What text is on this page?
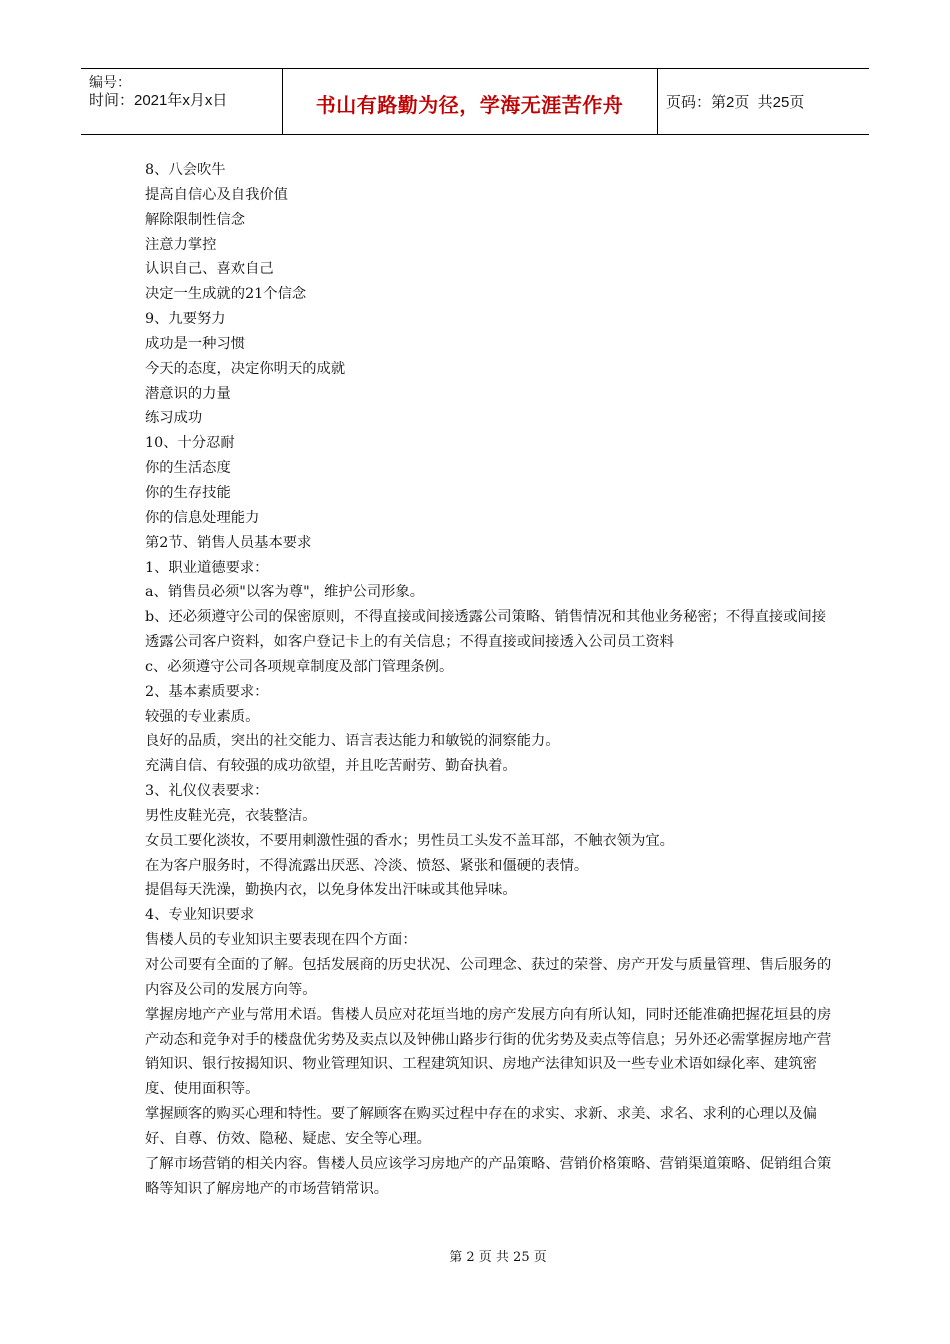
编号：
时间：2021年x月x日	书山有路勤为径，学海无涯苦作舟	页码：第2页  共25页

8、八会吹牛

提高自信心及自我价值

解除限制性信念

注意力掌控

认识自己、喜欢自己

决定一生成就的21个信念

9、九要努力

成功是一种习惯

今天的态度，决定你明天的成就

潜意识的力量

练习成功

10、十分忍耐

你的生活态度

你的生存技能

你的信息处理能力

第2节、销售人员基本要求

1、职业道德要求：

a、销售员必须"以客为尊"，维护公司形象。

b、还必须遵守公司的保密原则，不得直接或间接透露公司策略、销售情况和其他业务秘密；不得直接或间接透露公司客户资料，如客户登记卡上的有关信息；不得直接或间接透入公司员工资料

c、必须遵守公司各项规章制度及部门管理条例。

2、基本素质要求：

较强的专业素质。

良好的品质，突出的社交能力、语言表达能力和敏锐的洞察能力。

充满自信、有较强的成功欲望，并且吃苦耐劳、勤奋执着。

3、礼仪仪表要求：

男性皮鞋光亮，衣装整洁。

女员工要化淡妆，不要用刺激性强的香水；男性员工头发不盖耳部，不触衣领为宜。

在为客户服务时，不得流露出厌恶、冷淡、愤怒、紧张和僵硬的表情。

提倡每天洗澡，勤换内衣，以免身体发出汗味或其他异味。

4、专业知识要求

售楼人员的专业知识主要表现在四个方面：

对公司要有全面的了解。包括发展商的历史状况、公司理念、获过的荣誉、房产开发与质量管理、售后服务的内容及公司的发展方向等。

掌握房地产产业与常用术语。售楼人员应对花垣当地的房产发展方向有所认知，同时还能准确把握花垣县的房产动态和竞争对手的楼盘优劣势及卖点以及钟佛山路步行街的优劣势及卖点等信息；另外还必需掌握房地产营销知识、银行按揭知识、物业管理知识、工程建筑知识、房地产法律知识及一些专业术语如绿化率、建筑密度、使用面积等。

掌握顾客的购买心理和特性。要了解顾客在购买过程中存在的求实、求新、求美、求名、求利的心理以及偏好、自尊、仿效、隐秘、疑虑、安全等心理。

了解市场营销的相关内容。售楼人员应该学习房地产的产品策略、营销价格策略、营销渠道策略、促销组合策略等知识了解房地产的市场营销常识。

第 2 页 共 25 页
